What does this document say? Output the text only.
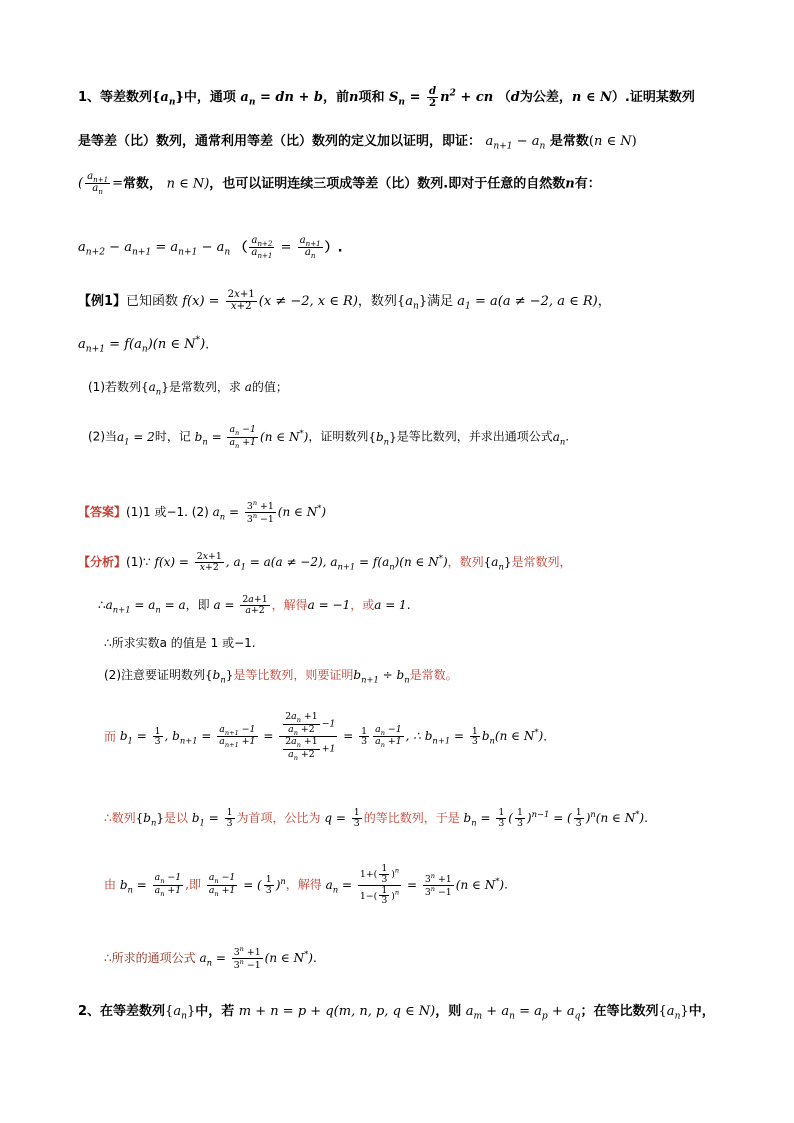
1、等差数列$\{a_n\}$中，通项 $a_n$ = dn + b，前n项和 $S_n = \frac{d}{2} n^2$ + cn （d为公差，n ∈ N）.证明某数列
是等差（比）数列，通常利用等差（比）数列的定义加以证明，即证： $a_{n+1} - a_n$ 是常数(n ∈ N)
( $\frac{a_{n+1}}{a_n}$ =常数， n ∈ N)，也可以证明连续三项成等差（比）数列.即对于任意的自然数n有：
$a_{n+2} - a_{n+1} = a_{n+1} - a_n$ （ $\frac{a_{n+2}}{a_{n+1}} = \frac{a_{n+1}}{a_n}$ ）.
【例1】已知函数 $f(x) = \frac{2x+1}{x+2} (x \ne -2$, x ∈ R)，数列$\{a_n\}$满足 $a_1 = a(a \ne -2$, a ∈ R)，
$a_{n+1} = f(a_n)(n$ ∈ N*).
(1)若数列$\{a_n\}$是常数列，求 a的值；
(2)当$a_1 = 2$时，记 $b_n = \frac{a_n -1}{a_n +1} (n$ ∈ N*)，证明数列$\{b_n\}$是等比数列，并求出通项公式$a_n$.
【答案】(1)1 或−1. (2) $a_n = \frac{3^n +1}{3^n -1} (n$ ∈ N*)
【分析】(1)∵ $f(x) = \frac{2x+1}{x+2}$ , $a_1 = a(a \ne -2)$, $a_{n+1} = f(a_n)(n$ ∈ N*)，数列$\{a_n\}$是常数列，
$\therefore a_{n+1} = a_n = a$，即 $a = \frac{2a+1}{a+2}$ ，解得a = −1，或a = 1.
∴所求实数a 的值是 1 或−1.
(2)注意要证明数列$\{b_n\}$是等比数列，则要证明$b_{n+1} \div b_n$是常数。
而 $b_1 = \frac{1}{3}$ , $b_{n+1} = \frac{a_{n+1} -1}{a_{n+1} +1} = \frac{\frac{2a_n +1}{a_n +2} -1}{\frac{2a_n +1}{a_n +2} +1} = \frac{1}{3} \frac{a_n -1}{a_n +1}$ , ∴ $b_{n+1} = \frac{1}{3} b_n(n$ ∈ N*).
∴数列$\{b_n\}$是以 $b_1 = \frac{1}{3}$ 为首项，公比为 $q = \frac{1}{3}$ 的等比数列，于是 $b_n = \frac{1}{3}$ ( $\frac{1}{3} )^{n-1}$ = ( $\frac{1}{3} )^n(n$ ∈ N*).
由 $b_n = \frac{a_n -1}{a_n +1}$ ,即 $\frac{a_n -1}{a_n +1}$ = ( $\frac{1}{3} )^n$，解得 $a_n = \frac{1+( \frac{1}{3} )^n}{1-( \frac{1}{3} )^n} = \frac{3^n +1}{3^n -1} (n$ ∈ N*).
∴所求的通项公式 $a_n = \frac{3^n +1}{3^n -1} (n$ ∈ N*).
2、在等差数列$\{a_n\}$中，若 m + n = p + q(m, n, p, q ∈ N)，则 $a_m + a_n = a_p + a_q$；在等比数列$\{a_n\}$中，
